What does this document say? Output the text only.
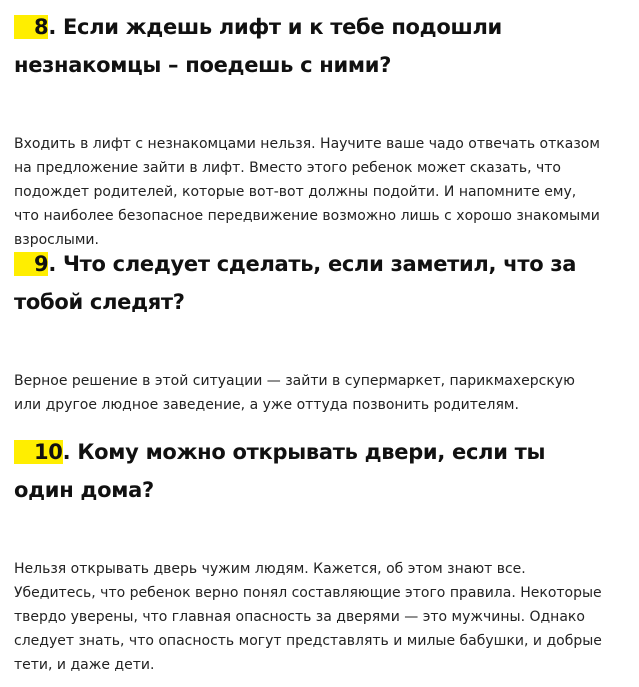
8. Если ждешь лифт и к тебе подошли незнакомцы – поедешь с ними?

Входить в лифт с незнакомцами нельзя. Научите ваше чадо отвечать отказом на предложение зайти в лифт. Вместо этого ребенок может сказать, что подождет родителей, которые вот-вот должны подойти. И напомните ему, что наиболее безопасное передвижение возможно лишь с хорошо знакомыми взрослыми.

9. Что следует сделать, если заметил, что за тобой следят?

Верное решение в этой ситуации — зайти в супермаркет, парикмахерскую или другое людное заведение, а уже оттуда позвонить родителям.

10. Кому можно открывать двери, если ты один дома?

Нельзя открывать дверь чужим людям. Кажется, об этом знают все. Убедитесь, что ребенок верно понял составляющие этого правила. Некоторые твердо уверены, что главная опасность за дверями — это мужчины. Однако следует знать, что опасность могут представлять и милые бабушки, и добрые тети, и даже дети.
